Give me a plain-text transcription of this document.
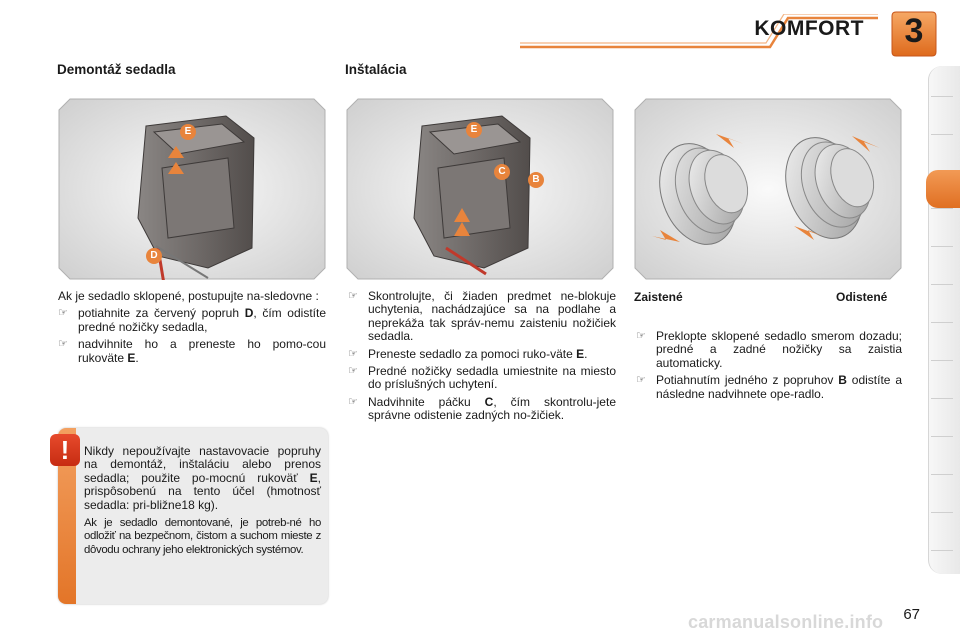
KOMFORT	3
Demontáž sedadla	Inštalácia
E
D
E
C
B

Ak je sedadlo sklopené, postupujte na-sledovne :

☞ potiahnite za červený popruh D, čím odistíte predné nožičky sedadla,
☞ nadvihnite ho a preneste ho pomo-cou rukoväte E.
☞ Skontrolujte, či žiaden predmet ne-blokuje uchytenia, nachádzajúce sa na podlahe a neprekáža tak správ-nemu zaisteniu nožičiek sedadla.
☞ Preneste sedadlo za pomoci ruko-väte E.
☞ Predné nožičky sedadla umiestnite na miesto do príslušných uchytení.
☞ Nadvihnite páčku C, čím skontrolu-jete správne odistenie zadných no-žičiek.
Zaistené	Odistené
☞ Preklopte sklopené sedadlo smerom dozadu; predné a zadné nožičky sa zaistia automaticky.
☞ Potiahnutím jedného z popruhov B odistíte a následne nadvihnete ope-radlo.
!	Nikdy nepoužívajte nastavovacie popruhy na demontáž, inštaláciu alebo prenos sedadla; použite po-mocnú rukoväť E, prispôsobenú na tento účel (hmotnosť sedadla: pri-bližne18 kg).

Ak je sedadlo demontované, je potreb-né ho odložiť na bezpečnom, čistom a suchom mieste z dôvodu ochrany jeho elektronických systémov.

67
carmanualsonline.info
